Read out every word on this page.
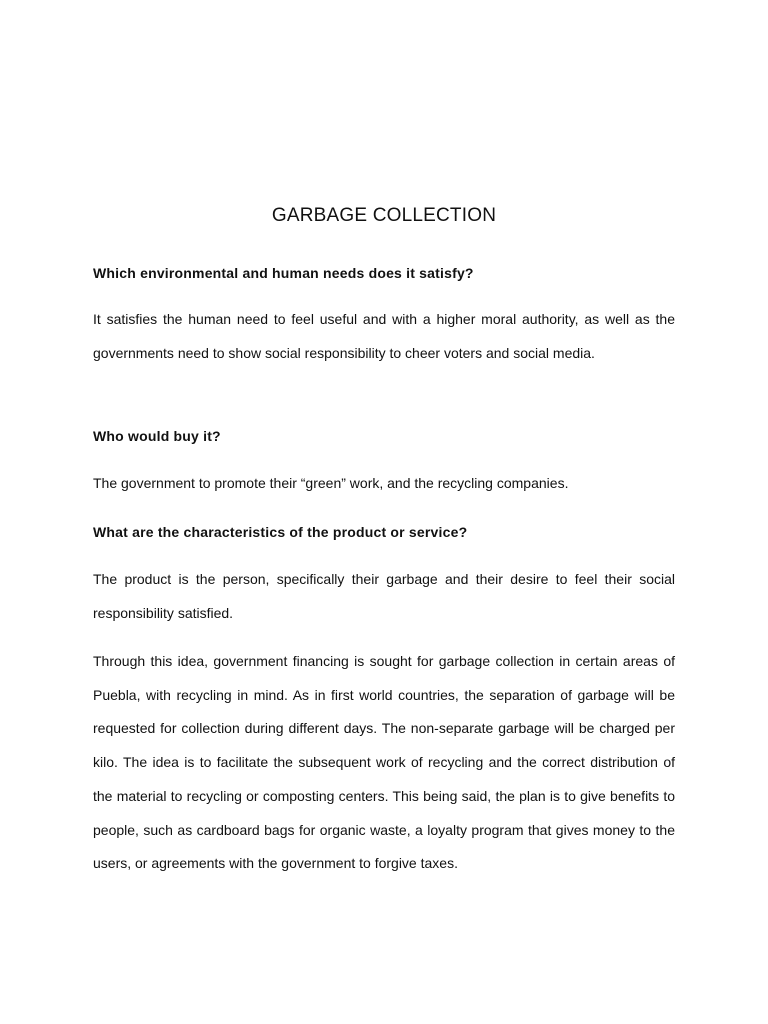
GARBAGE COLLECTION

Which environmental and human needs does it satisfy?

It satisfies the human need to feel useful and with a higher moral authority, as well as the governments need to show social responsibility to cheer voters and social media.

Who would buy it?

The government to promote their “green” work, and the recycling companies.

What are the characteristics of the product or service?

The product is the person, specifically their garbage and their desire to feel their social responsibility satisfied.

Through this idea, government financing is sought for garbage collection in certain areas of Puebla, with recycling in mind. As in first world countries, the separation of garbage will be requested for collection during different days. The non-separate garbage will be charged per kilo. The idea is to facilitate the subsequent work of recycling and the correct distribution of the material to recycling or composting centers. This being said, the plan is to give benefits to people, such as cardboard bags for organic waste, a loyalty program that gives money to the users, or agreements with the government to forgive taxes.
